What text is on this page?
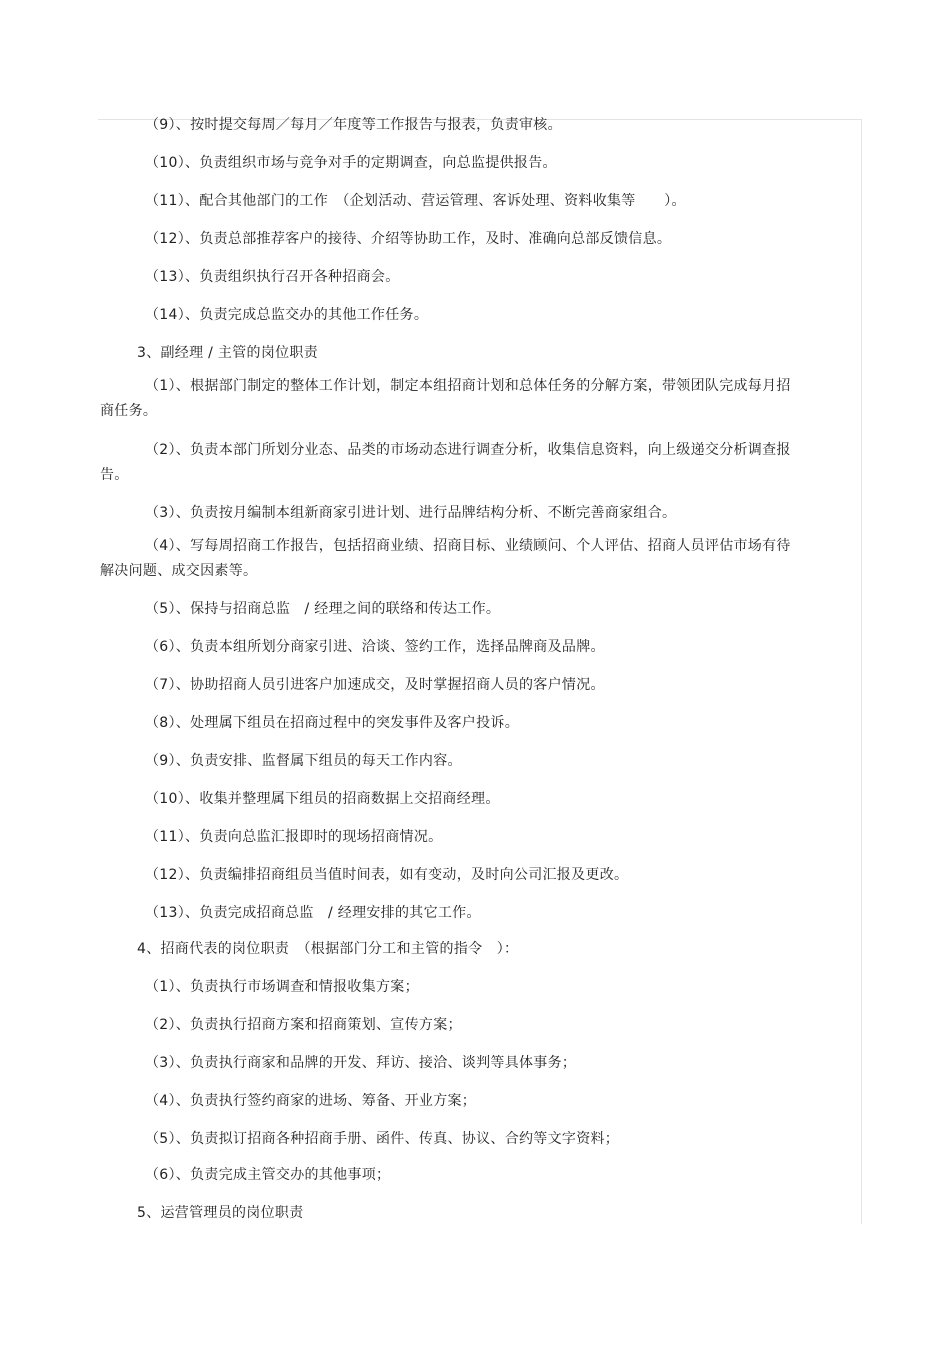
（9）、按时提交每周／每月／年度等工作报告与报表，负责审核。

（10）、负责组织市场与竞争对手的定期调查，向总监提供报告。

（11）、配合其他部门的工作　（企划活动、营运管理、客诉处理、资料收集等　　）。

（12）、负责总部推荐客户的接待、介绍等协助工作，及时、准确向总部反馈信息。

（13）、负责组织执行召开各种招商会。

（14）、负责完成总监交办的其他工作任务。

3、副经理 / 主管的岗位职责

（1）、根据部门制定的整体工作计划，制定本组招商计划和总体任务的分解方案，带领团队完成每月招商任务。

（2）、负责本部门所划分业态、品类的市场动态进行调查分析，收集信息资料，向上级递交分析调查报告。

（3）、负责按月编制本组新商家引进计划、进行品牌结构分析、不断完善商家组合。

（4）、写每周招商工作报告，包括招商业绩、招商目标、业绩顾问、个人评估、招商人员评估市场有待解决问题、成交因素等。

（5）、保持与招商总监　/ 经理之间的联络和传达工作。

（6）、负责本组所划分商家引进、洽谈、签约工作，选择品牌商及品牌。

（7）、协助招商人员引进客户加速成交，及时掌握招商人员的客户情况。

（8）、处理属下组员在招商过程中的突发事件及客户投诉。

（9）、负责安排、监督属下组员的每天工作内容。

（10）、收集并整理属下组员的招商数据上交招商经理。

（11）、负责向总监汇报即时的现场招商情况。

（12）、负责编排招商组员当值时间表，如有变动，及时向公司汇报及更改。

（13）、负责完成招商总监　/ 经理安排的其它工作。

4、招商代表的岗位职责　（根据部门分工和主管的指令　）：

（1）、负责执行市场调查和情报收集方案；

（2）、负责执行招商方案和招商策划、宣传方案；

（3）、负责执行商家和品牌的开发、拜访、接洽、谈判等具体事务；

（4）、负责执行签约商家的进场、筹备、开业方案；

（5）、负责拟订招商各种招商手册、函件、传真、协议、合约等文字资料；

（6）、负责完成主管交办的其他事项；

5、运营管理员的岗位职责
